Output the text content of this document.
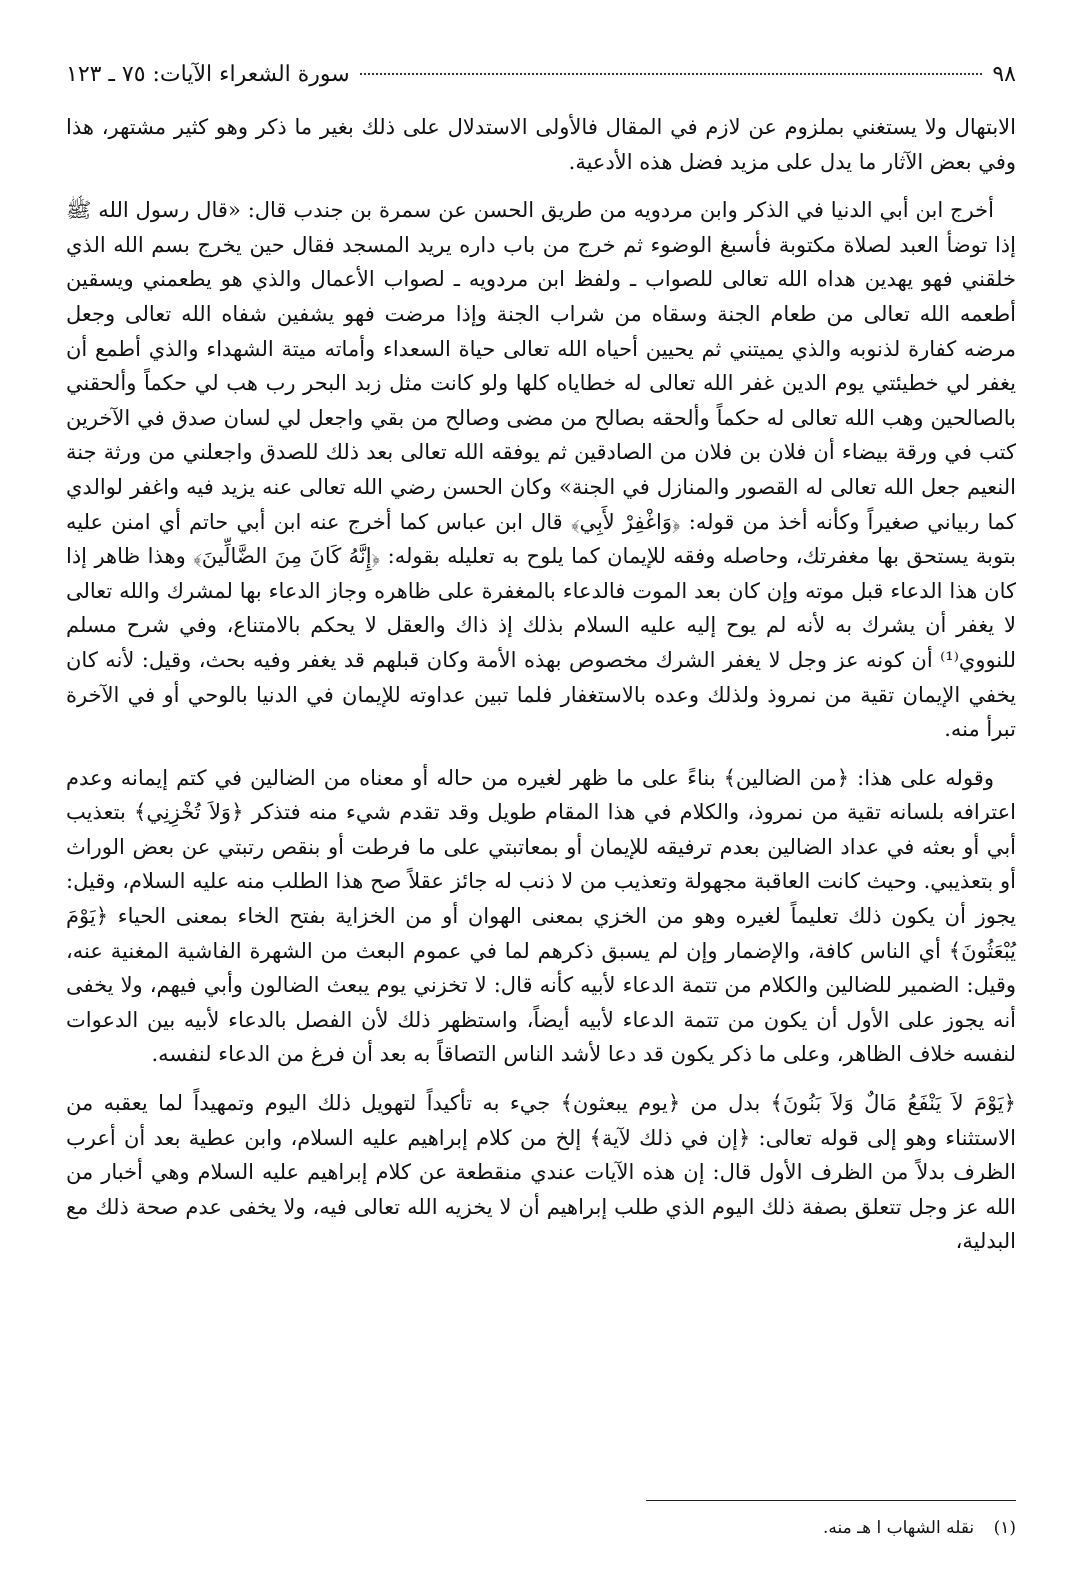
٩٨
سورة الشعراء الآيات: ٧٥ ـ ١٢٣

الابتهال ولا يستغني بملزوم عن لازم في المقال فالأولى الاستدلال على ذلك بغير ما ذكر وهو كثير مشتهر، هذا وفي بعض الآثار ما يدل على مزيد فضل هذه الأدعية.

أخرج ابن أبي الدنيا في الذكر وابن مردويه من طريق الحسن عن سمرة بن جندب قال: «قال رسول الله ﷺ إذا توضأ العبد لصلاة مكتوبة فأسبغ الوضوء ثم خرج من باب داره يريد المسجد فقال حين يخرج بسم الله الذي خلقني فهو يهدين هداه الله تعالى للصواب ـ ولفظ ابن مردويه ـ لصواب الأعمال والذي هو يطعمني ويسقين أطعمه الله تعالى من طعام الجنة وسقاه من شراب الجنة وإذا مرضت فهو يشفين شفاه الله تعالى وجعل مرضه كفارة لذنوبه والذي يميتني ثم يحيين أحياه الله تعالى حياة السعداء وأماته ميتة الشهداء والذي أطمع أن يغفر لي خطيئتي يوم الدين غفر الله تعالى له خطاياه كلها ولو كانت مثل زبد البحر رب هب لي حكماً وألحقني بالصالحين وهب الله تعالى له حكماً وألحقه بصالح من مضى وصالح من بقي واجعل لي لسان صدق في الآخرين كتب في ورقة بيضاء أن فلان بن فلان من الصادقين ثم يوفقه الله تعالى بعد ذلك للصدق واجعلني من ورثة جنة النعيم جعل الله تعالى له القصور والمنازل في الجنة» وكان الحسن رضي الله تعالى عنه يزيد فيه واغفر لوالدي كما ربياني صغيراً وكأنه أخذ من قوله: ﴿وَاغْفِرْ لأَبِي﴾ قال ابن عباس كما أخرج عنه ابن أبي حاتم أي امنن عليه بتوبة يستحق بها مغفرتك، وحاصله وفقه للإيمان كما يلوح به تعليله بقوله: ﴿إِنَّهُ كَانَ مِنَ الضَّالِّينَ﴾ وهذا ظاهر إذا كان هذا الدعاء قبل موته وإن كان بعد الموت فالدعاء بالمغفرة على ظاهره وجاز الدعاء بها لمشرك والله تعالى لا يغفر أن يشرك به لأنه لم يوح إليه عليه السلام بذلك إذ ذاك والعقل لا يحكم بالامتناع، وفي شرح مسلم للنووي⁽¹⁾ أن كونه عز وجل لا يغفر الشرك مخصوص بهذه الأمة وكان قبلهم قد يغفر وفيه بحث، وقيل: لأنه كان يخفي الإيمان تقية من نمروذ ولذلك وعده بالاستغفار فلما تبين عداوته للإيمان في الدنيا بالوحي أو في الآخرة تبرأ منه.

وقوله على هذا: ﴿من الضالين﴾ بناءً على ما ظهر لغيره من حاله أو معناه من الضالين في كتم إيمانه وعدم اعترافه بلسانه تقية من نمروذ، والكلام في هذا المقام طويل وقد تقدم شيء منه فتذكر ﴿وَلاَ تُخْزِنِي﴾ بتعذيب أبي أو بعثه في عداد الضالين بعدم ترفيقه للإيمان أو بمعاتبتي على ما فرطت أو بنقص رتبتي عن بعض الوراث أو بتعذيبي. وحيث كانت العاقبة مجهولة وتعذيب من لا ذنب له جائز عقلاً صح هذا الطلب منه عليه السلام، وقيل: يجوز أن يكون ذلك تعليماً لغيره وهو من الخزي بمعنى الهوان أو من الخزاية بفتح الخاء بمعنى الحياء ﴿يَوْمَ يُبْعَثُونَ﴾ أي الناس كافة، والإضمار وإن لم يسبق ذكرهم لما في عموم البعث من الشهرة الفاشية المغنية عنه، وقيل: الضمير للضالين والكلام من تتمة الدعاء لأبيه كأنه قال: لا تخزني يوم يبعث الضالون وأبي فيهم، ولا يخفى أنه يجوز على الأول أن يكون من تتمة الدعاء لأبيه أيضاً، واستظهر ذلك لأن الفصل بالدعاء لأبيه بين الدعوات لنفسه خلاف الظاهر، وعلى ما ذكر يكون قد دعا لأشد الناس التصاقاً به بعد أن فرغ من الدعاء لنفسه.

﴿يَوْمَ لاَ يَنْفَعُ مَالٌ وَلاَ بَنُونَ﴾ بدل من ﴿يوم يبعثون﴾ جيء به تأكيداً لتهويل ذلك اليوم وتمهيداً لما يعقبه من الاستثناء وهو إلى قوله تعالى: ﴿إن في ذلك لآية﴾ إلخ من كلام إبراهيم عليه السلام، وابن عطية بعد أن أعرب الظرف بدلاً من الظرف الأول قال: إن هذه الآيات عندي منقطعة عن كلام إبراهيم عليه السلام وهي أخبار من الله عز وجل تتعلق بصفة ذلك اليوم الذي طلب إبراهيم أن لا يخزيه الله تعالى فيه، ولا يخفى عدم صحة ذلك مع البدلية،

(١) نقله الشهاب ا هـ منه.
